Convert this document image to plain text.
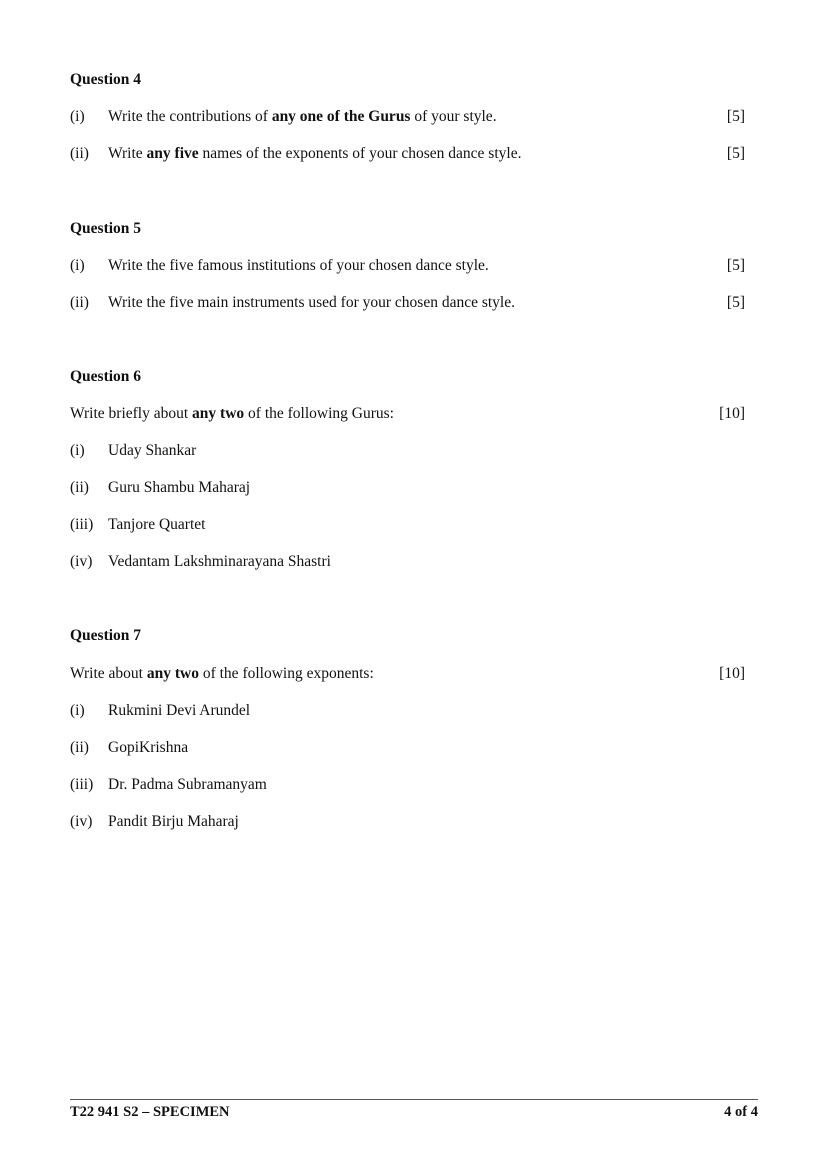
Question 4
(i) Write the contributions of any one of the Gurus of your style.	[5]
(ii) Write any five names of the exponents of your chosen dance style.	[5]
Question 5
(i) Write the five famous institutions of your chosen dance style.	[5]
(ii) Write the five main instruments used for your chosen dance style.	[5]
Question 6
Write briefly about any two of the following Gurus:	[10]
(i) Uday Shankar
(ii) Guru Shambu Maharaj
(iii) Tanjore Quartet
(iv) Vedantam Lakshminarayana Shastri
Question 7
Write about any two of the following exponents:	[10]
(i) Rukmini Devi Arundel
(ii) GopiKrishna
(iii) Dr. Padma Subramanyam
(iv) Pandit Birju Maharaj
T22 941 S2 – SPECIMEN	4 of 4
